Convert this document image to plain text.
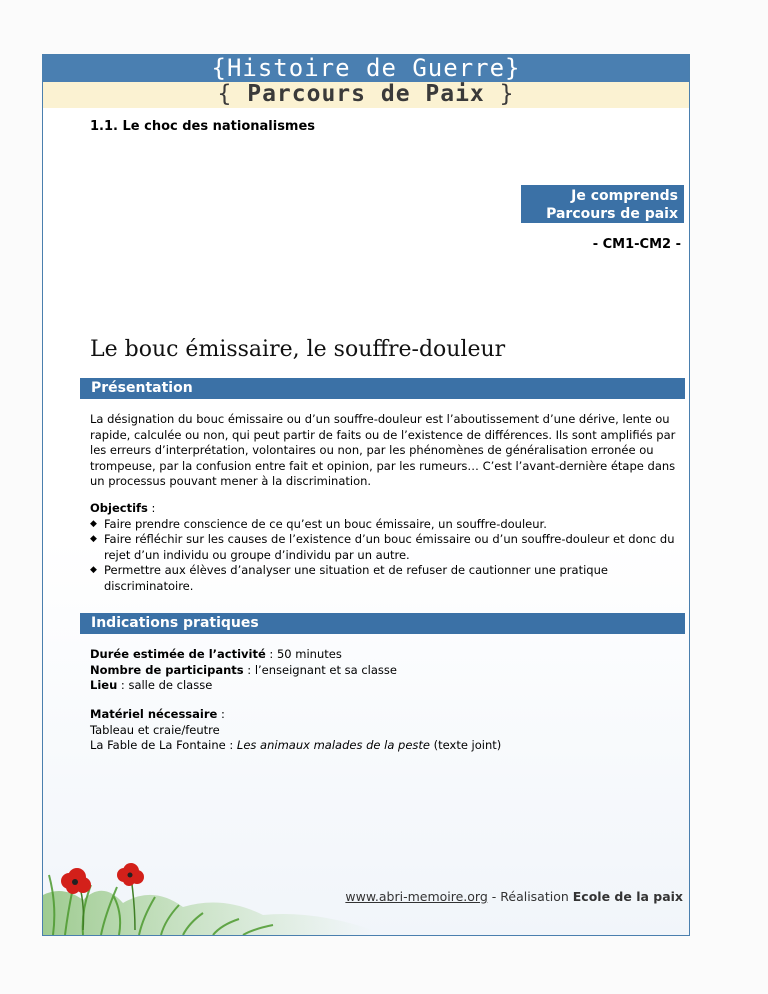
{Histoire de Guerre}
{ Parcours de Paix }
1.1. Le choc des nationalismes
Je comprends
Parcours de paix
- CM1-CM2 -
Le bouc émissaire, le souffre-douleur
Présentation
La désignation du bouc émissaire ou d’un souffre-douleur est l’aboutissement d’une dérive, lente ou rapide, calculée ou non, qui peut partir de faits ou de l’existence de différences. Ils sont amplifiés par les erreurs d’interprétation, volontaires ou non, par les phénomènes de généralisation erronée ou trompeuse, par la confusion entre fait et opinion, par les rumeurs… C’est l’avant-dernière étape dans un processus pouvant mener à la discrimination.
Objectifs :
◆ Faire prendre conscience de ce qu’est un bouc émissaire, un souffre-douleur.
◆ Faire réfléchir sur les causes de l’existence d’un bouc émissaire ou d’un souffre-douleur et donc du rejet d’un individu ou groupe d’individu par un autre.
◆ Permettre aux élèves d’analyser une situation et de refuser de cautionner une pratique discriminatoire.
Indications pratiques
Durée estimée de l’activité : 50 minutes
Nombre de participants : l’enseignant et sa classe
Lieu : salle de classe
Matériel nécessaire :
Tableau et craie/feutre
La Fable de La Fontaine : Les animaux malades de la peste (texte joint)
www.abri-memoire.org - Réalisation Ecole de la paix
